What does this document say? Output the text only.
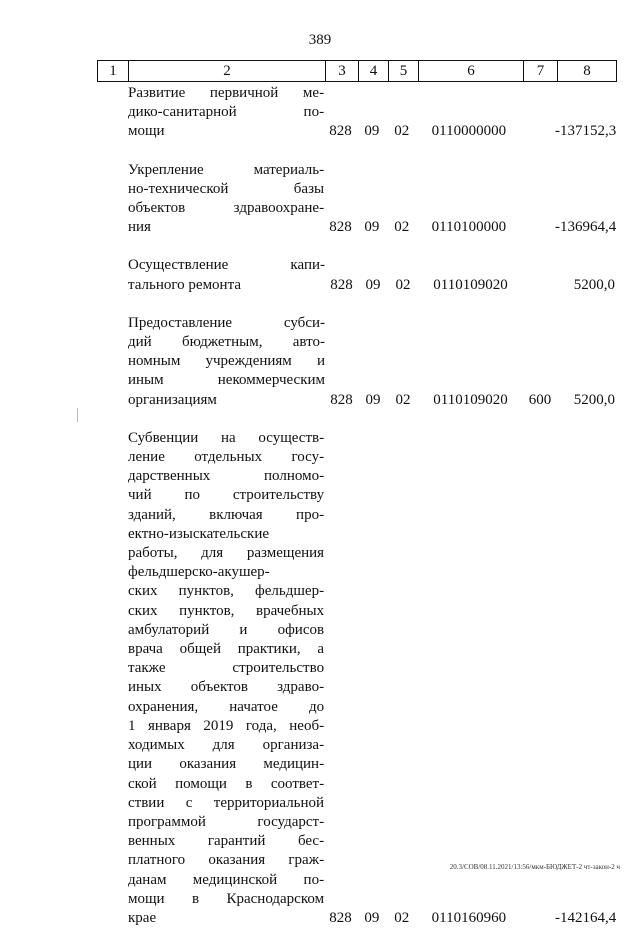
389
1	2	3	4	5	6	7	8
Развитие первичной ме-
дико-санитарной по-
мощи	828 09 02	0110000000	-137152,3
Укрепление материаль-
но-технической базы
объектов здравоохране-
ния	828 09 02	0110100000	-136964,4
Осуществление капи-
тального ремонта	828 09	02	0110109020	5200,0
Предоставление субси-
дий бюджетным, авто-
номным учреждениям и
иным некоммерческим
организациям	828 09	02	0110109020	600	5200,0
Субвенции на осуществ-
ление отдельных госу-
дарственных полномо-
чий по строительству
зданий, включая про-
ектно-изыскательские
работы, для размещения
фельдшерско-акушер-
ских пунктов, фельдшер-
ских пунктов, врачебных
амбулаторий и офисов
врача общей практики, а
также строительство
иных объектов здраво-
охранения, начатое до
1 января 2019 года, необ-
ходимых для организа-
ции оказания медицин-
ской помощи в соответ-
ствии с территориальной
программой государст-
венных гарантий бес-
платного оказания граж-
данам медицинской по-
мощи в Краснодарском
крае	828 09 02	0110160960	-142164,4
20.3/СОВ/08.11.2021/13:56/мкм-БЮДЖЕТ-2 чт-закон-2 ч
